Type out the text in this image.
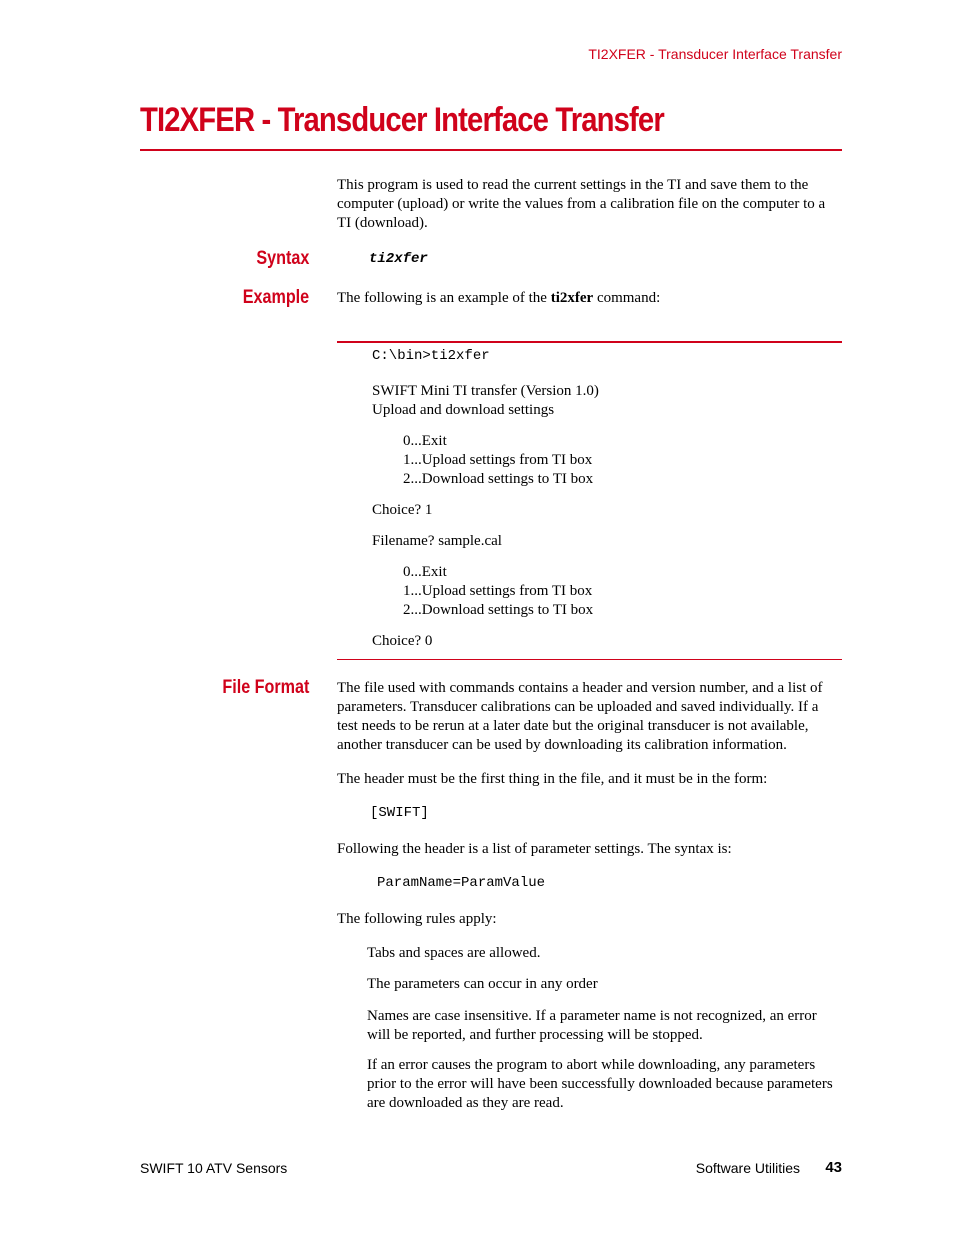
TI2XFER - Transducer Interface Transfer
TI2XFER - Transducer Interface Transfer

This program is used to read the current settings in the TI and save them to the computer (upload) or write the values from a calibration file on the computer to a TI (download).

Syntax	ti2xfer
Example The following is an example of the ti2xfer command:

C:\bin>ti2xfer
SWIFT Mini TI transfer (Version 1.0)
Upload and download settings
0...Exit
1...Upload settings from TI box
2...Download settings to TI box
Choice? 1
Filename? sample.cal
0...Exit
1...Upload settings from TI box
2...Download settings to TI box
Choice? 0
File Format The file used with commands contains a header and version number, and a list of parameters. Transducer calibrations can be uploaded and saved individually. If a test needs to be rerun at a later date but the original transducer is not available, another transducer can be used by downloading its calibration information.

The header must be the first thing in the file, and it must be in the form:

[SWIFT]

Following the header is a list of parameter settings. The syntax is:

ParamName=ParamValue

The following rules apply:

Tabs and spaces are allowed.

The parameters can occur in any order

Names are case insensitive. If a parameter name is not recognized, an error will be reported, and further processing will be stopped.

If an error causes the program to abort while downloading, any parameters prior to the error will have been successfully downloaded because parameters are downloaded as they are read.

SWIFT 10 ATV Sensors	Software Utilities 43
